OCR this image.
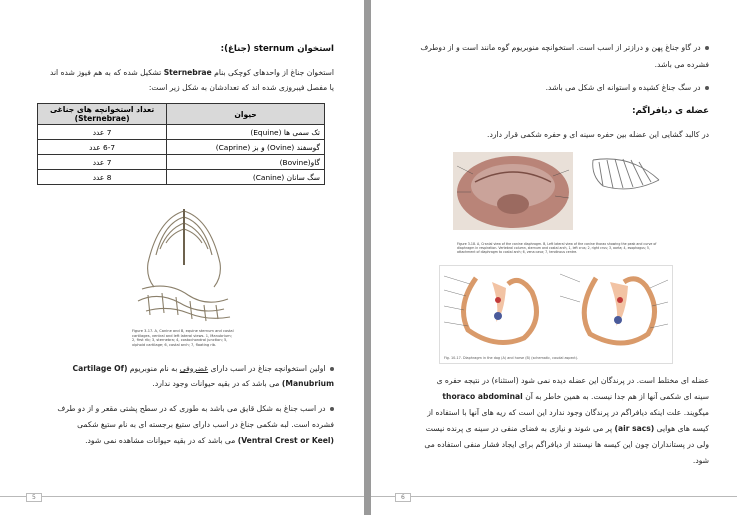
استخوان sternum (جناغ):
استخوان جناغ از واحدهای کوچکی بنام Sternebrae تشکیل شده که به هم فیوز شده اند
یا مفصل فیبروزی شده اند که تعدادشان به شکل زیر است:
حیوان	تعداد استخوانچه های جناغی
(Sternebrae)

تک سمی ها (Equine)	7 عدد
گوسفند (Ovine) و بز (Caprine)	6-7 عدد
گاو(Bovine)	7 عدد
سگ سانان (Canine)	8 عدد
Figure 3-17. A, Canine and B, equine sternum and costal cartilages, ventral and left lateral views. 1, Manubrium; 2, first rib; 3, sternebra; 4, costochondral junction; 5, xiphoid cartilage; 6, costal arch; 7, floating rib.
اولین استخوانچه جناغ در اسب دارای غضروفی به نام منوبریوم (Cartilage Of
Manubrium) می باشد که در بقیه حیوانات وجود ندارد.
در اسب جناغ به شکل قایق می باشد به طوری که در سطح پشتی مقعر و از دو طرف
فشرده است. لبه شکمی جناغ در اسب دارای ستیغ برجسته ای به نام ستیغ شکمی
(Ventral Crest or Keel) می باشد که در بقیه حیوانات مشاهده نمی شود.
5
در گاو جناغ پهن و درازتر از اسب است. استخوانچه منوبریوم گوه مانند است و از دوطرف
فشرده می باشد.
در سگ جناغ کشیده و استوانه ای شکل می باشد.
عضله ی دیافراگم:
در کالبد گشایی این عضله بین حفره سینه ای و حفره شکمی قرار دارد.
Figure 3-18. A, Cranial view of the canine diaphragm. B, Left lateral view of the canine thorax showing the peak and curve of diaphragm in respiration. Vertebral column, sternum and costal arch, 1, left crus; 2, right crus; 3, aorta; 4, esophagus; 5, attachment of diaphragm to costal arch; 6, vena cava; 7, tendinous centre.
Fig. 10-17. Diaphragm in the dog (A) and horse (B) (schematic, caudal aspect).
عضله ای مختلط است. در پرندگان این عضله دیده نمی شود (استثناء) در نتیجه حفره ی
سینه ای شکمی آنها از هم جدا نیست. به همین خاطر به آن thoraco abdominal
میگویند. علت اینکه دیافراگم در پرندگان وجود ندارد این است که ریه های آنها با استفاده از
کیسه های هوایی (air sacs) پر می شوند و نیازی به فضای منفی در سینه ی پرنده نیست
ولی در پستانداران چون این کیسه ها نیستند از دیافراگم برای ایجاد فشار منفی استفاده می
شود.
6
